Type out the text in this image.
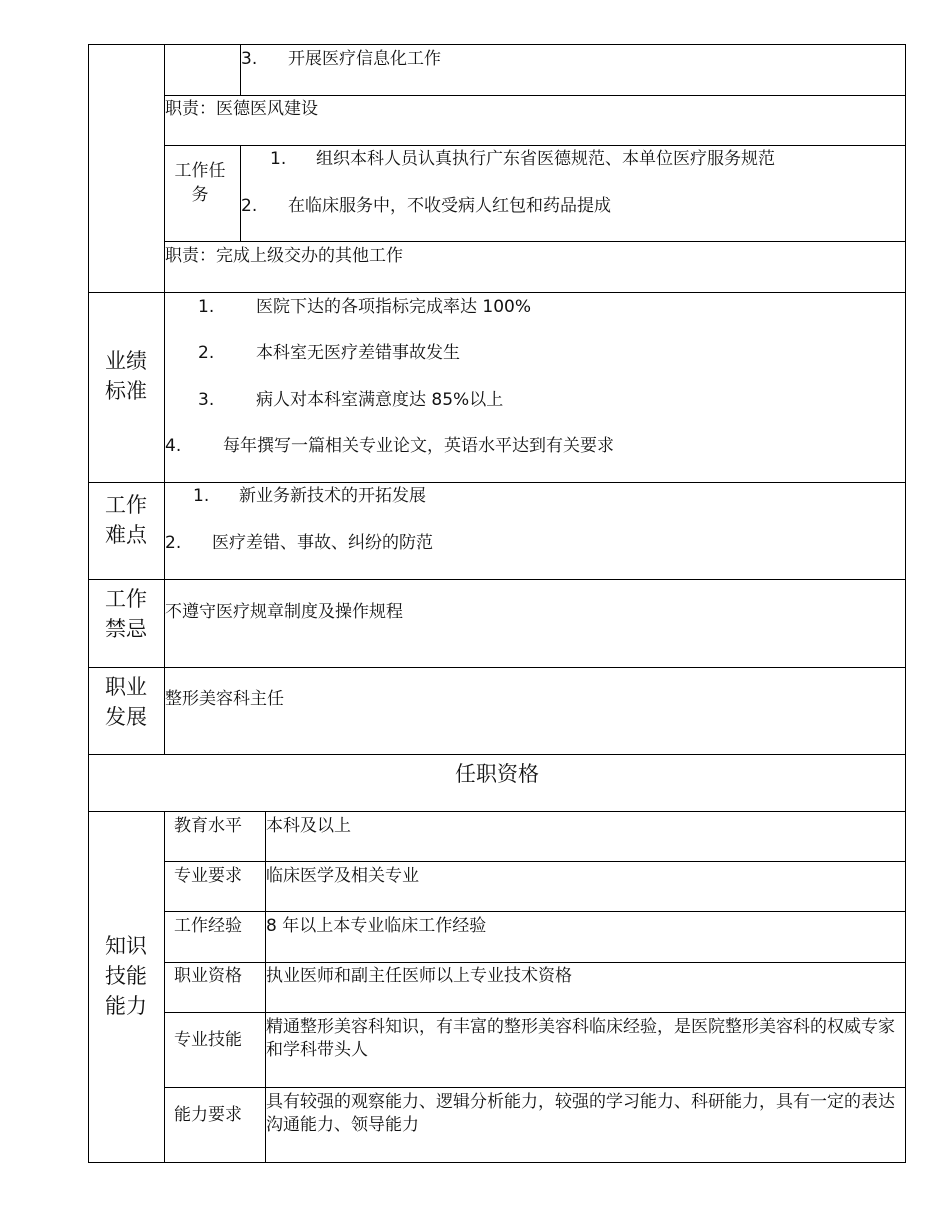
3. 开展医疗信息化工作
职责：医德医风建设
工作任务
1. 组织本科人员认真执行广东省医德规范、本单位医疗服务规范
2. 在临床服务中，不收受病人红包和药品提成
职责：完成上级交办的其他工作
业绩
标准
1. 医院下达的各项指标完成率达 100%
2. 本科室无医疗差错事故发生
3. 病人对本科室满意度达 85%以上
4. 每年撰写一篇相关专业论文，英语水平达到有关要求
工作
难点
1. 新业务新技术的开拓发展
2. 医疗差错、事故、纠纷的防范
工作
禁忌
不遵守医疗规章制度及操作规程
职业
发展
整形美容科主任
任职资格
知识
技能
能力
教育水平 本科及以上
专业要求 临床医学及相关专业
工作经验 8 年以上本专业临床工作经验
职业资格 执业医师和副主任医师以上专业技术资格
专业技能
精通整形美容科知识，有丰富的整形美容科临床经验，是医院整形美容科的权威专家和学科带头人
能力要求
具有较强的观察能力、逻辑分析能力，较强的学习能力、科研能力，具有一定的表达沟通能力、领导能力
